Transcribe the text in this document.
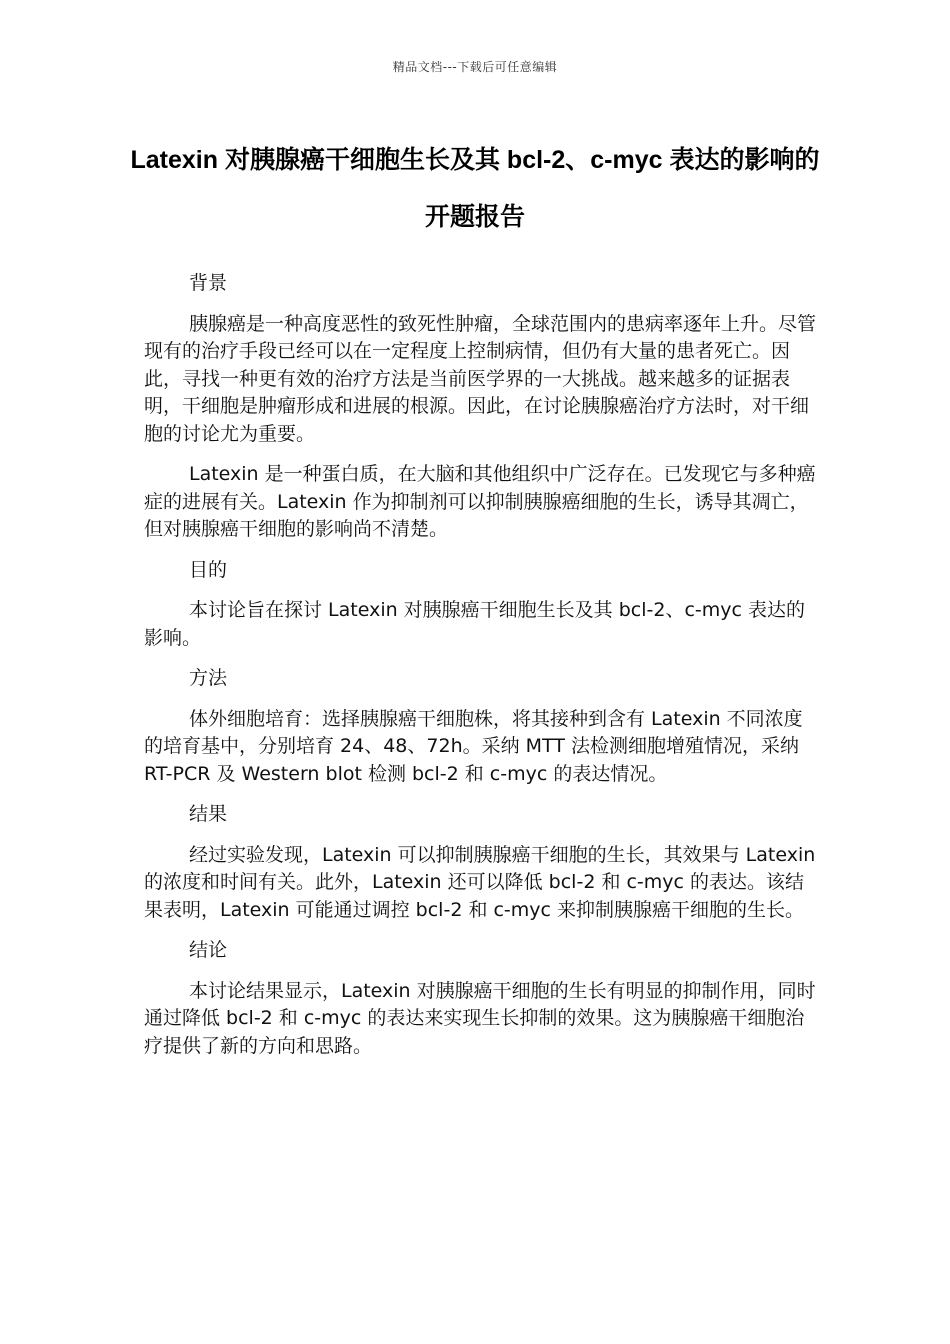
精品文档---下载后可任意编辑
Latexin 对胰腺癌干细胞生长及其 bcl-2、c-myc 表达的影响的开题报告

背景

胰腺癌是一种高度恶性的致死性肿瘤，全球范围内的患病率逐年上升。尽管现有的治疗手段已经可以在一定程度上控制病情，但仍有大量的患者死亡。因此，寻找一种更有效的治疗方法是当前医学界的一大挑战。越来越多的证据表明，干细胞是肿瘤形成和进展的根源。因此，在讨论胰腺癌治疗方法时，对干细胞的讨论尤为重要。

Latexin 是一种蛋白质，在大脑和其他组织中广泛存在。已发现它与多种癌症的进展有关。Latexin 作为抑制剂可以抑制胰腺癌细胞的生长，诱导其凋亡，但对胰腺癌干细胞的影响尚不清楚。

目的

本讨论旨在探讨 Latexin 对胰腺癌干细胞生长及其 bcl-2、c-myc 表达的影响。

方法

体外细胞培育：选择胰腺癌干细胞株，将其接种到含有 Latexin 不同浓度的培育基中，分别培育 24、48、72h。采纳 MTT 法检测细胞增殖情况，采纳 RT-PCR 及 Western blot 检测 bcl-2 和 c-myc 的表达情况。

结果

经过实验发现，Latexin 可以抑制胰腺癌干细胞的生长，其效果与 Latexin 的浓度和时间有关。此外，Latexin 还可以降低 bcl-2 和 c-myc 的表达。该结果表明，Latexin 可能通过调控 bcl-2 和 c-myc 来抑制胰腺癌干细胞的生长。

结论

本讨论结果显示，Latexin 对胰腺癌干细胞的生长有明显的抑制作用，同时通过降低 bcl-2 和 c-myc 的表达来实现生长抑制的效果。这为胰腺癌干细胞治疗提供了新的方向和思路。
